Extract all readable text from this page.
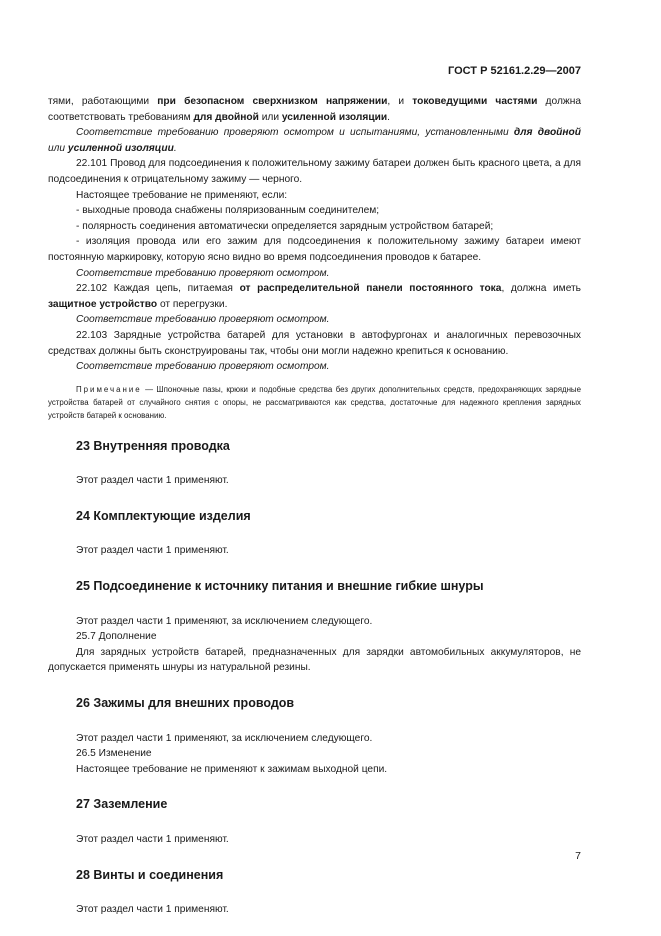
ГОСТ Р 52161.2.29—2007

тями, работающими при безопасном сверхнизком напряжении, и токоведущими частями должна соответствовать требованиям для двойной или усиленной изоляции.

Соответствие требованию проверяют осмотром и испытаниями, установленными для двойной или усиленной изоляции.

22.101 Провод для подсоединения к положительному зажиму батареи должен быть красного цвета, а для подсоединения к отрицательному зажиму — черного.

Настоящее требование не применяют, если:

- выходные провода снабжены поляризованным соединителем;

- полярность соединения автоматически определяется зарядным устройством батарей;

- изоляция провода или его зажим для подсоединения к положительному зажиму батареи имеют постоянную маркировку, которую ясно видно во время подсоединения проводов к батарее.

Соответствие требованию проверяют осмотром.

22.102 Каждая цепь, питаемая от распределительной панели постоянного тока, должна иметь защитное устройство от перегрузки.

Соответствие требованию проверяют осмотром.

22.103 Зарядные устройства батарей для установки в автофургонах и аналогичных перевозочных средствах должны быть сконструированы так, чтобы они могли надежно крепиться к основанию.

Соответствие требованию проверяют осмотром.

Примечание — Шпоночные пазы, крюки и подобные средства без других дополнительных средств, предохраняющих зарядные устройства батарей от случайного снятия с опоры, не рассматриваются как средства, достаточные для надежного крепления зарядных устройств батарей к основанию.

23 Внутренняя проводка

Этот раздел части 1 применяют.

24 Комплектующие изделия

Этот раздел части 1 применяют.

25 Подсоединение к источнику питания и внешние гибкие шнуры

Этот раздел части 1 применяют, за исключением следующего.

25.7 Дополнение

Для зарядных устройств батарей, предназначенных для зарядки автомобильных аккумуляторов, не допускается применять шнуры из натуральной резины.

26 Зажимы для внешних проводов

Этот раздел части 1 применяют, за исключением следующего.

26.5 Изменение

Настоящее требование не применяют к зажимам выходной цепи.

27 Заземление

Этот раздел части 1 применяют.

28 Винты и соединения

Этот раздел части 1 применяют.

7
